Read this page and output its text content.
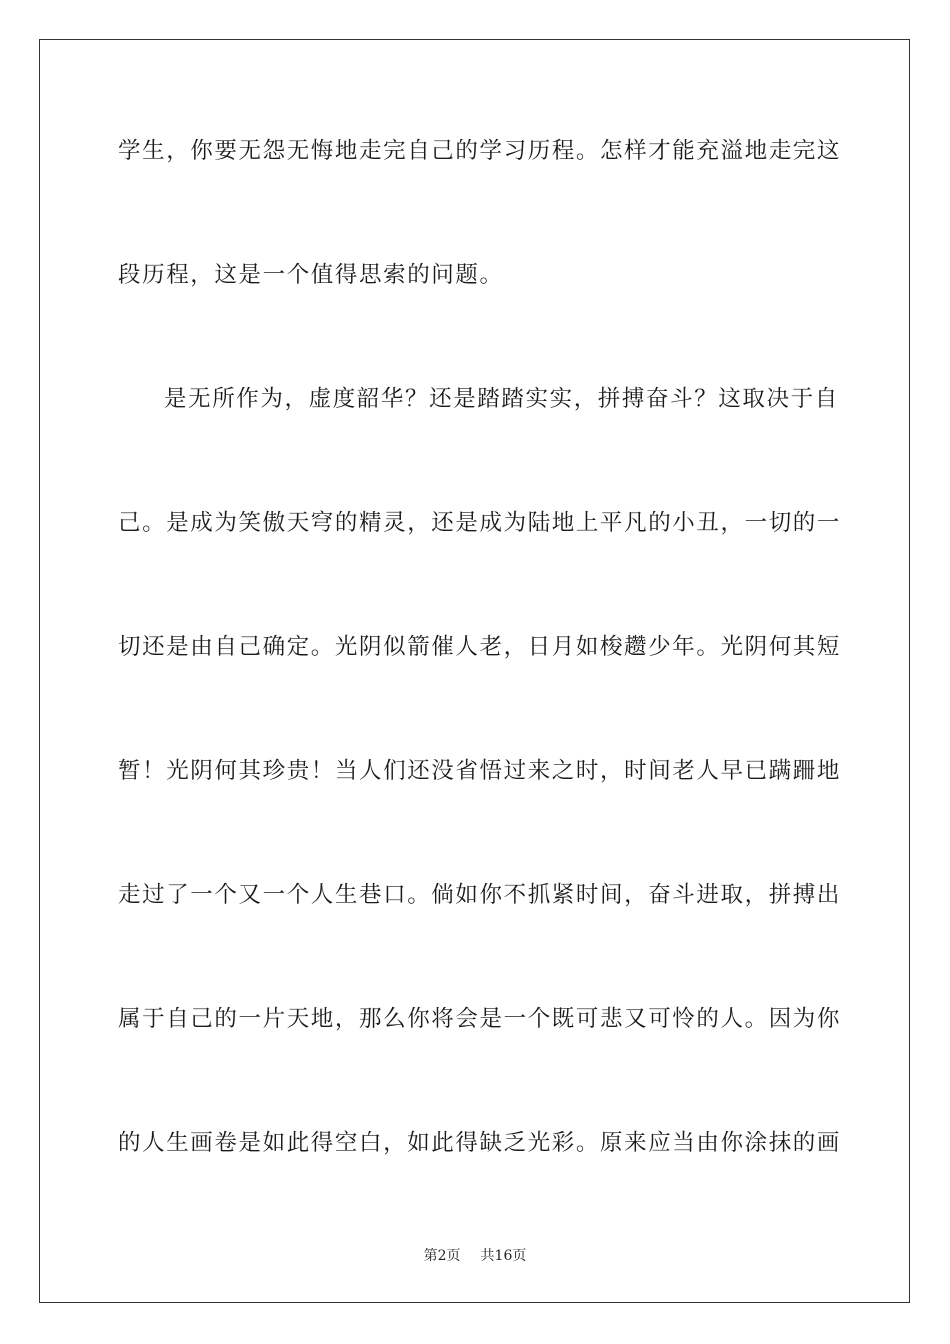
学生，你要无怨无悔地走完自己的学习历程。怎样才能充溢地走完这
段历程，这是一个值得思索的问题。
是无所作为，虚度韶华？还是踏踏实实，拼搏奋斗？这取决于自
己。是成为笑傲天穹的精灵，还是成为陆地上平凡的小丑，一切的一
切还是由自己确定。光阴似箭催人老，日月如梭趱少年。光阴何其短
暂！光阴何其珍贵！当人们还没省悟过来之时，时间老人早已蹒跚地
走过了一个又一个人生巷口。倘如你不抓紧时间，奋斗进取，拼搏出
属于自己的一片天地，那么你将会是一个既可悲又可怜的人。因为你
的人生画卷是如此得空白，如此得缺乏光彩。原来应当由你涂抹的画
第2页 共16页
